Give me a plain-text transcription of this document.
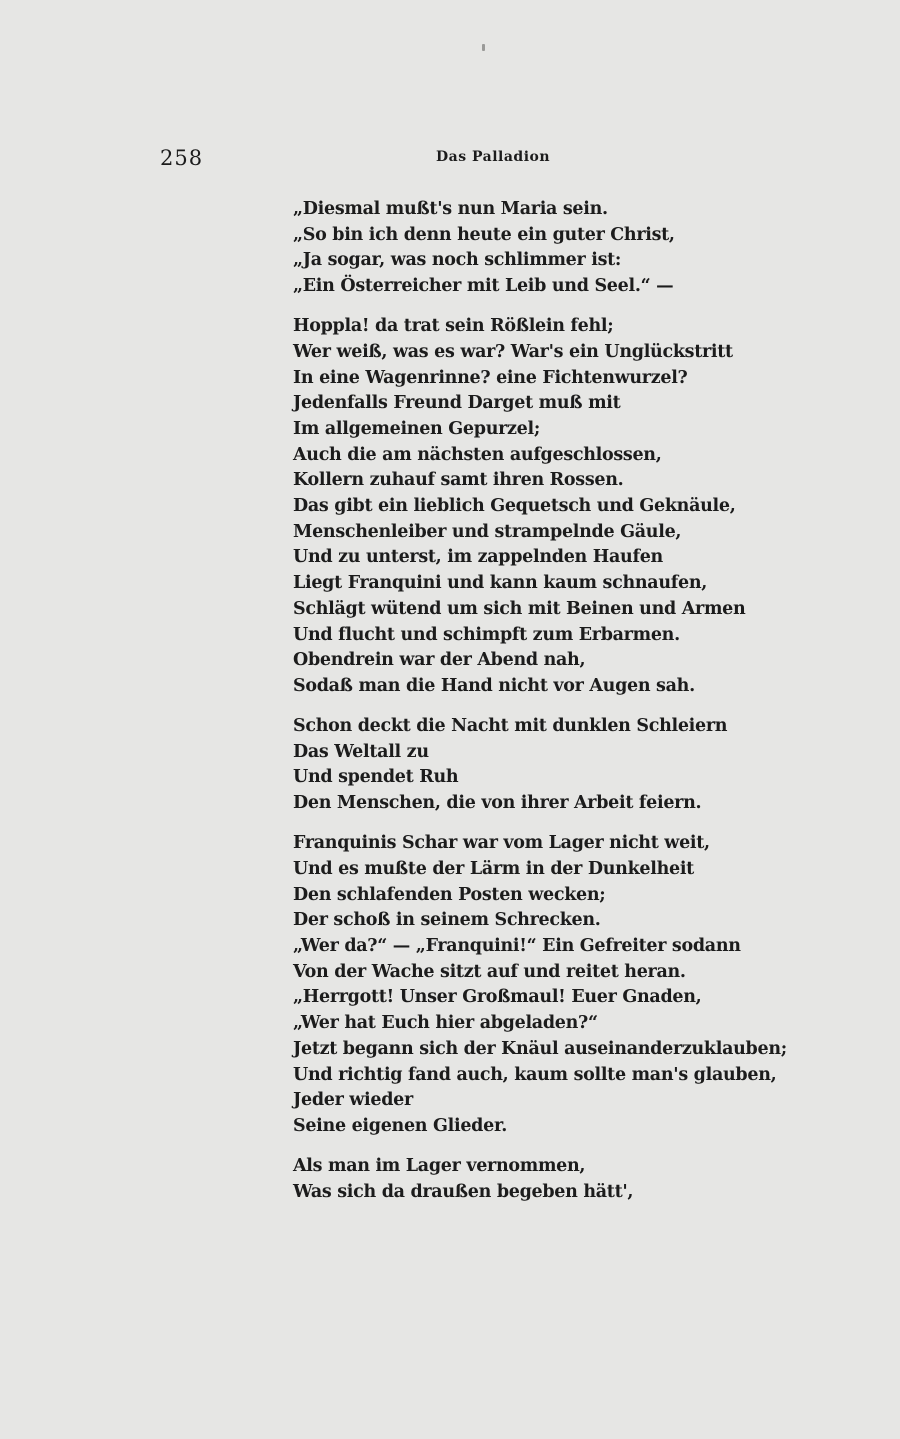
258	Das Palladion
„Diesmal mußt's nun Maria sein.
„So bin ich denn heute ein guter Christ,
„Ja sogar, was noch schlimmer ist:
„Ein Österreicher mit Leib und Seel.“ —
Hoppla! da trat sein Rößlein fehl;
Wer weiß, was es war? War's ein Unglückstritt
In eine Wagenrinne? eine Fichtenwurzel?
Jedenfalls Freund Darget muß mit
Im allgemeinen Gepurzel;
Auch die am nächsten aufgeschlossen,
Kollern zuhauf samt ihren Rossen.
Das gibt ein lieblich Gequetsch und Geknäule,
Menschenleiber und strampelnde Gäule,
Und zu unterst, im zappelnden Haufen
Liegt Franquini und kann kaum schnaufen,
Schlägt wütend um sich mit Beinen und Armen
Und flucht und schimpft zum Erbarmen.
Obendrein war der Abend nah,
Sodaß man die Hand nicht vor Augen sah.
Schon deckt die Nacht mit dunklen Schleiern
Das Weltall zu
Und spendet Ruh
Den Menschen, die von ihrer Arbeit feiern.
Franquinis Schar war vom Lager nicht weit,
Und es mußte der Lärm in der Dunkelheit
Den schlafenden Posten wecken;
Der schoß in seinem Schrecken.
„Wer da?“ — „Franquini!“ Ein Gefreiter sodann
Von der Wache sitzt auf und reitet heran.
„Herrgott! Unser Großmaul! Euer Gnaden,
„Wer hat Euch hier abgeladen?“
Jetzt begann sich der Knäul auseinanderzuklauben;
Und richtig fand auch, kaum sollte man's glauben,
Jeder wieder
Seine eigenen Glieder.
Als man im Lager vernommen,
Was sich da draußen begeben hätt',
